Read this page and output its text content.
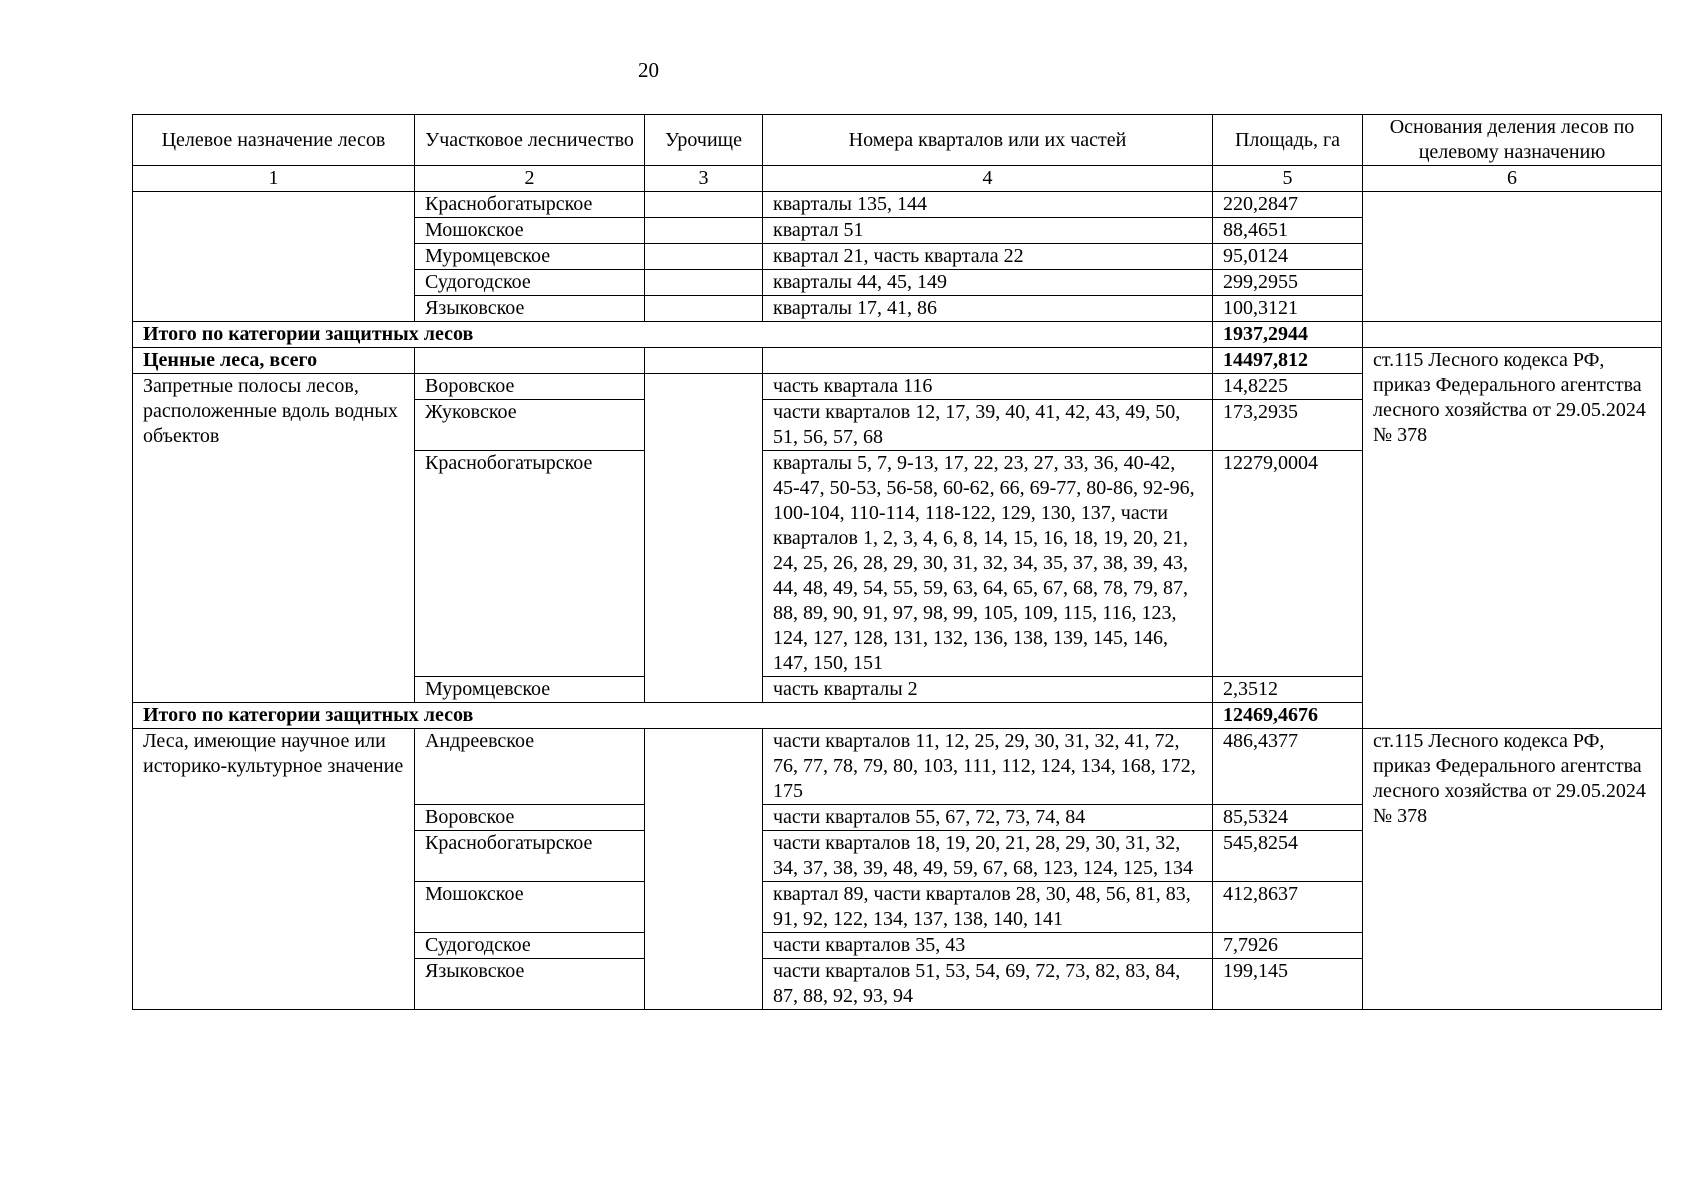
20
Целевое назначение лесов	Участковое лесничество	Урочище	Номера кварталов или их частей	Площадь, га	Основания деления лесов по целевому назначению
1	2	3	4	5	6
	Краснобогатырское		кварталы 135, 144	220,2847	
	Мошокское		квартал 51	88,4651	
	Муромцевское		квартал 21, часть квартала 22	95,0124	
	Судогодское		кварталы 44, 45, 149	299,2955	
	Языковское		кварталы 17, 41, 86	100,3121	
Итого по категории защитных лесов				1937,2944	
Ценные леса, всего				14497,812	ст.115 Лесного кодекса РФ, приказ Федерального агентства лесного хозяйства от 29.05.2024 № 378
Запретные полосы лесов, расположенные вдоль водных объектов	Воровское		часть квартала 116	14,8225	
	Жуковское		части кварталов 12, 17, 39, 40, 41, 42, 43, 49, 50, 51, 56, 57, 68	173,2935	
	Краснобогатырское		кварталы 5, 7, 9-13, 17, 22, 23, 27, 33, 36, 40-42, 45-47, 50-53, 56-58, 60-62, 66, 69-77, 80-86, 92-96, 100-104, 110-114, 118-122, 129, 130, 137, части кварталов 1, 2, 3, 4, 6, 8, 14, 15, 16, 18, 19, 20, 21, 24, 25, 26, 28, 29, 30, 31, 32, 34, 35, 37, 38, 39, 43, 44, 48, 49, 54, 55, 59, 63, 64, 65, 67, 68, 78, 79, 87, 88, 89, 90, 91, 97, 98, 99, 105, 109, 115, 116, 123, 124, 127, 128, 131, 132, 136, 138, 139, 145, 146, 147, 150, 151	12279,0004	
	Муромцевское		часть кварталы 2	2,3512	
Итого по категории защитных лесов				12469,4676	
Леса, имеющие научное или историко-культурное значение	Андреевское		части кварталов 11, 12, 25, 29, 30, 31, 32, 41, 72, 76, 77, 78, 79, 80, 103, 111, 112, 124, 134, 168, 172, 175	486,4377	ст.115 Лесного кодекса РФ, приказ Федерального агентства лесного хозяйства от 29.05.2024 № 378
	Воровское		части кварталов 55, 67, 72, 73, 74, 84	85,5324	
	Краснобогатырское		части кварталов 18, 19, 20, 21, 28, 29, 30, 31, 32, 34, 37, 38, 39, 48, 49, 59, 67, 68, 123, 124, 125, 134	545,8254	
	Мошокское		квартал 89, части кварталов 28, 30, 48, 56, 81, 83, 91, 92, 122, 134, 137, 138, 140, 141	412,8637	
	Судогодское		части кварталов 35, 43	7,7926	
	Языковское		части кварталов 51, 53, 54, 69, 72, 73, 82, 83, 84, 87, 88, 92, 93, 94	199,145	
